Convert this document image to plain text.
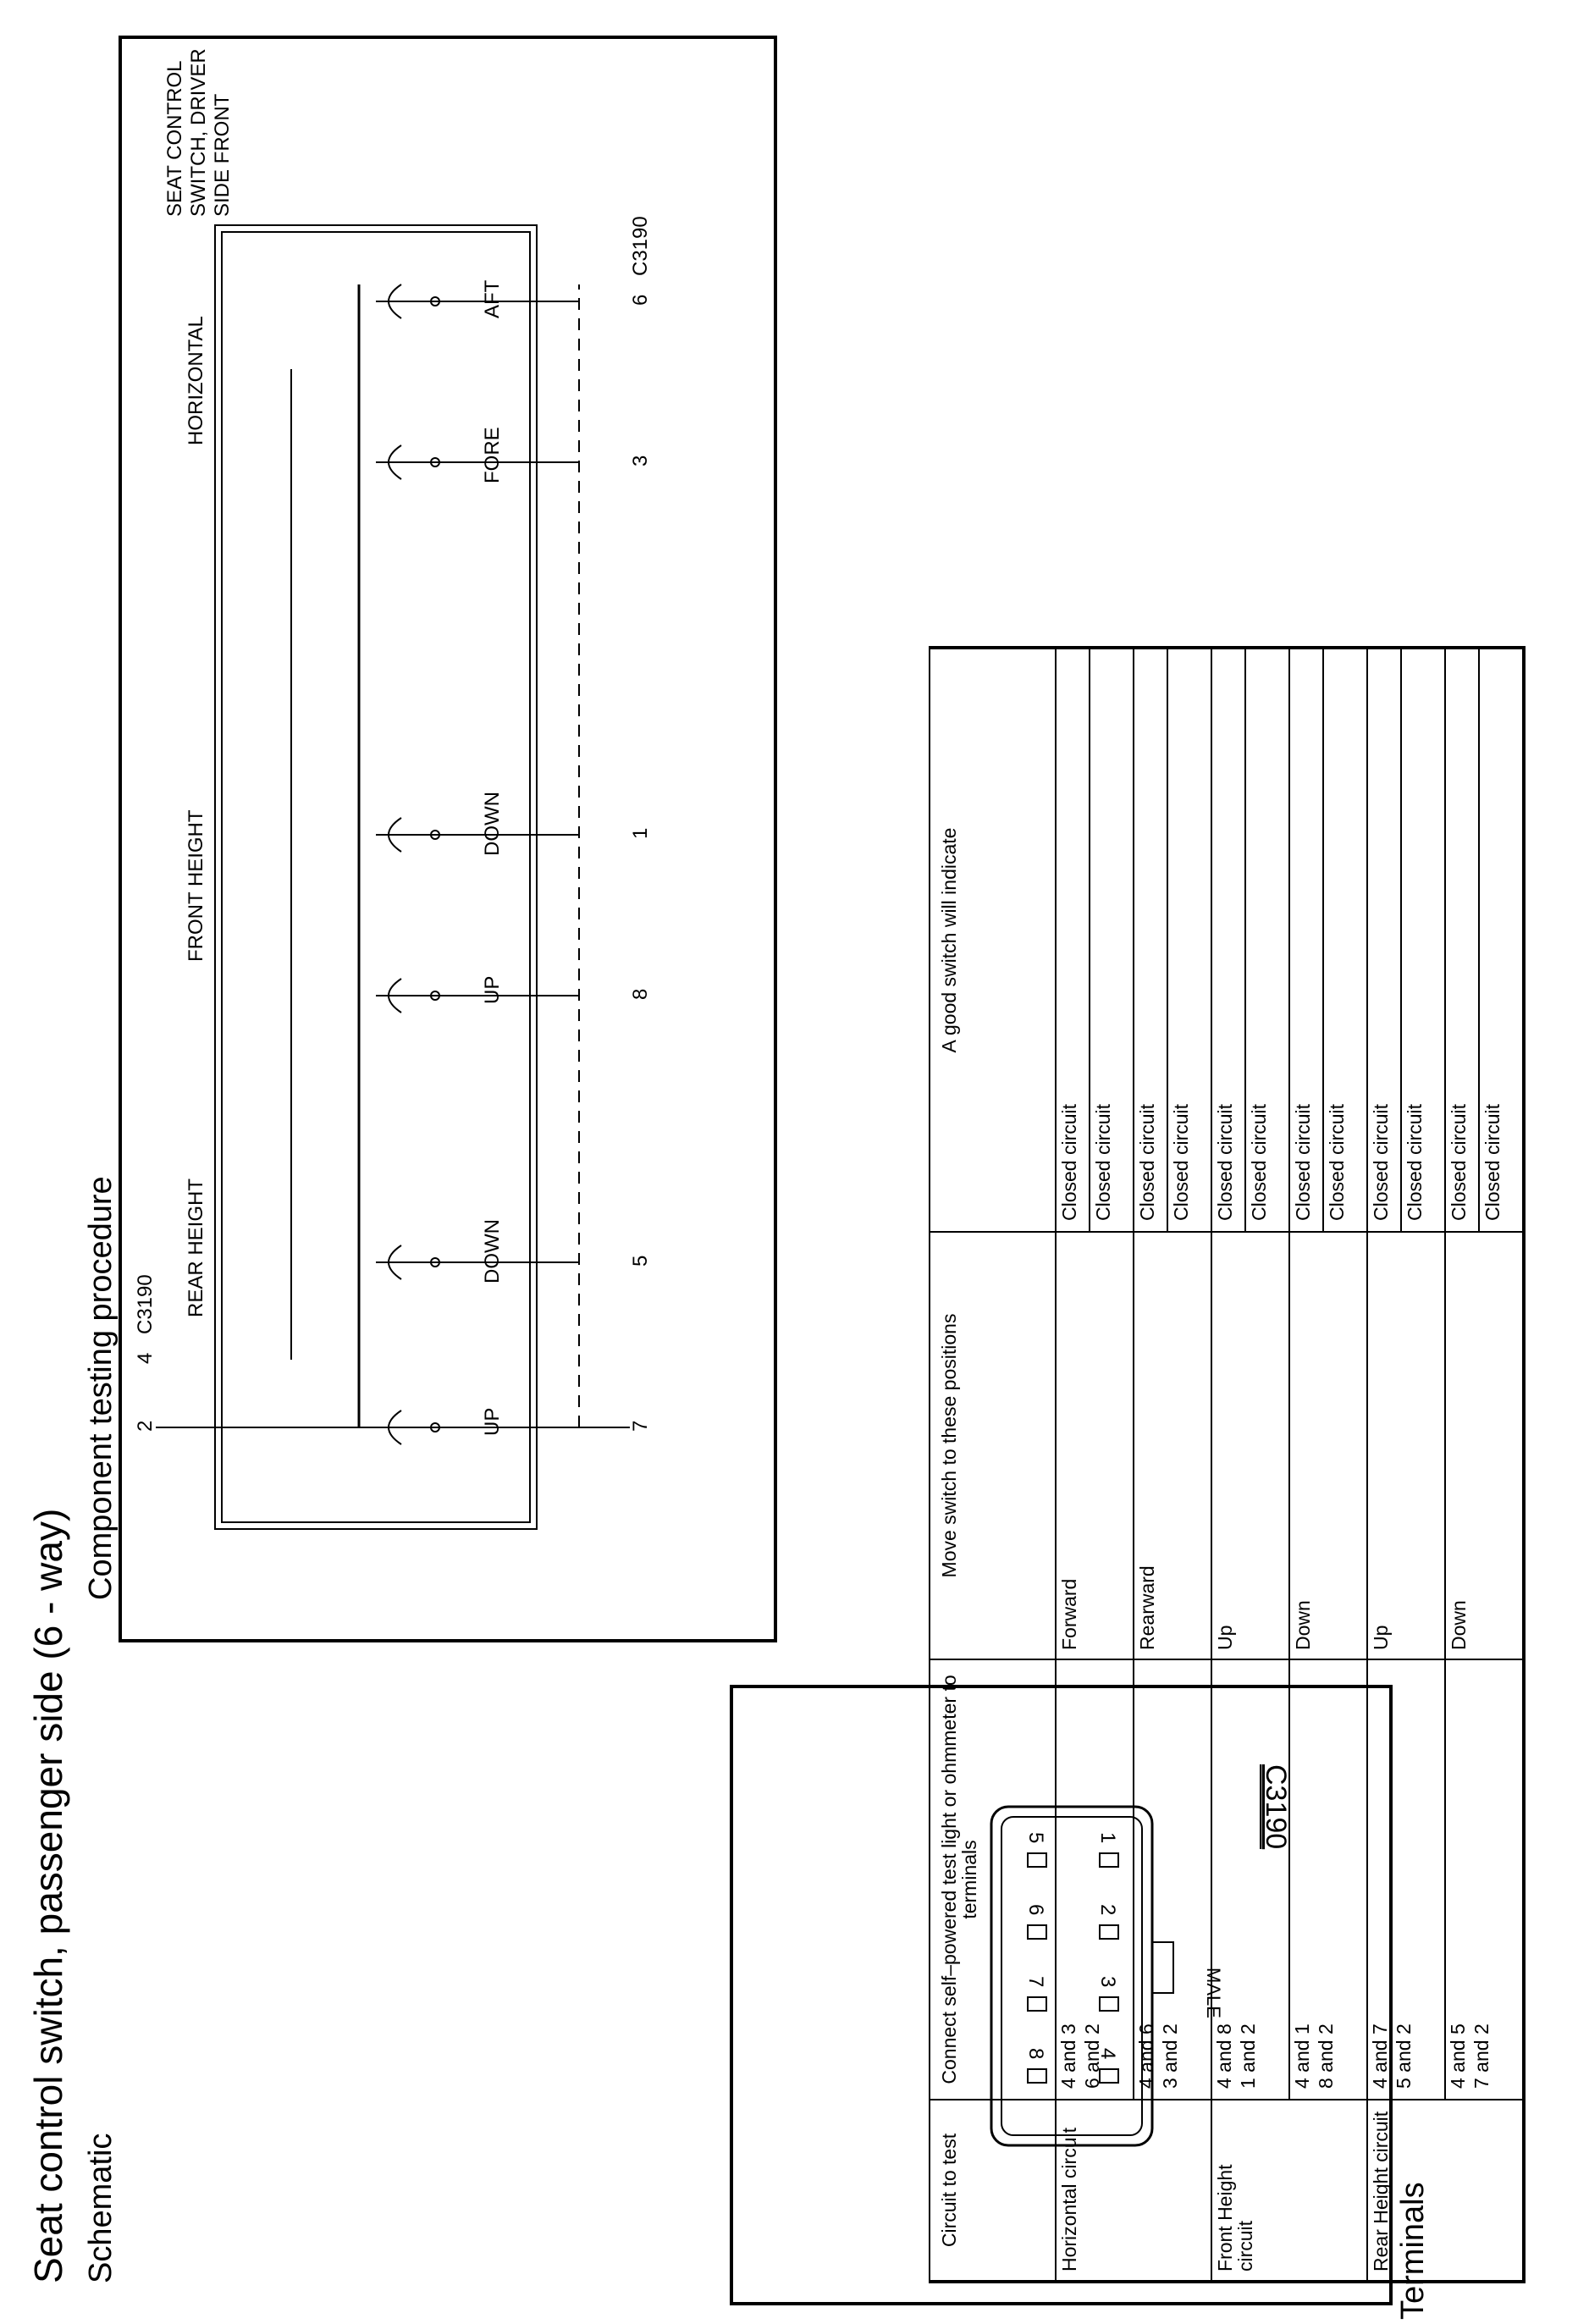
Seat control switch, passenger side (6 - way) Schematic
Component testing procedure 2
4
C3190 REAR HEIGHT
FRONT HEIGHT
HORIZONTAL
UP
DOWN
UP
DOWN
FORE
AFT
7
5
8
1
3
6
C3190
SEAT CONTROL SWITCH, DRIVER SIDE FRONT
Terminals
C3190
MALE
1
2
3
4
5
6
7
8
Circuit to test	Connect self–powered test light or ohmmeter to terminals	Move switch to these positions	A good switch will indicate
Horizontal circuit	4 and 3 6 and 2	Forward	Closed circuit Closed circuit

	4 and 6 3 and 2	Rearward	Closed circuit Closed circuit

Front Height circuit	4 and 8 1 and 2	Up	Closed circuit Closed circuit

	4 and 1 8 and 2	Down	Closed circuit Closed circuit

Rear Height circuit	4 and 7 5 and 2	Up	Closed circuit Closed circuit

	4 and 5 7 and 2	Down	Closed circuit Closed circuit
